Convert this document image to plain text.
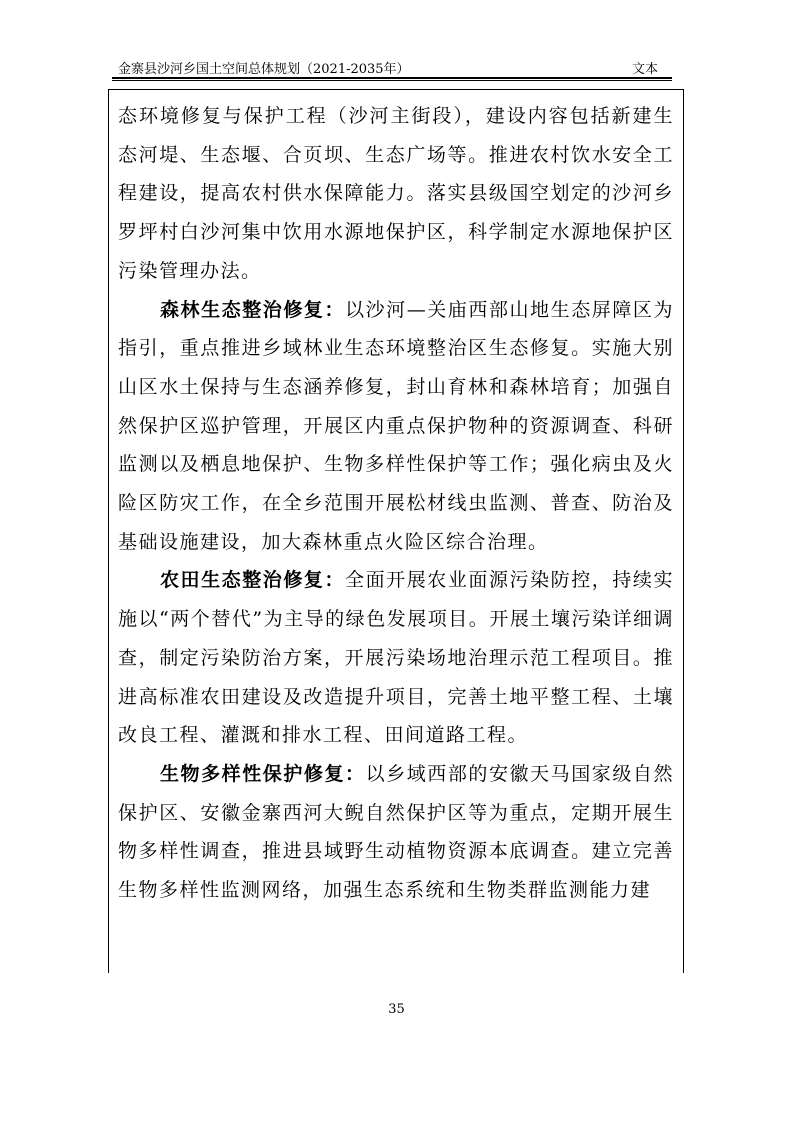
金寨县沙河乡国土空间总体规划（2021-2035年）	文本

态环境修复与保护工程（沙河主街段），建设内容包括新建生态河堤、生态堰、合页坝、生态广场等。推进农村饮水安全工程建设，提高农村供水保障能力。落实县级国空划定的沙河乡罗坪村白沙河集中饮用水源地保护区，科学制定水源地保护区污染管理办法。

森林生态整治修复：以沙河—关庙西部山地生态屏障区为指引，重点推进乡域林业生态环境整治区生态修复。实施大别山区水土保持与生态涵养修复，封山育林和森林培育；加强自然保护区巡护管理，开展区内重点保护物种的资源调查、科研监测以及栖息地保护、生物多样性保护等工作；强化病虫及火险区防灾工作，在全乡范围开展松材线虫监测、普查、防治及基础设施建设，加大森林重点火险区综合治理。

农田生态整治修复：全面开展农业面源污染防控，持续实施以“两个替代”为主导的绿色发展项目。开展土壤污染详细调查，制定污染防治方案，开展污染场地治理示范工程项目。推进高标准农田建设及改造提升项目，完善土地平整工程、土壤改良工程、灌溉和排水工程、田间道路工程。

生物多样性保护修复：以乡域西部的安徽天马国家级自然保护区、安徽金寨西河大鲵自然保护区等为重点，定期开展生物多样性调查，推进县域野生动植物资源本底调查。建立完善生物多样性监测网络，加强生态系统和生物类群监测能力建

35
